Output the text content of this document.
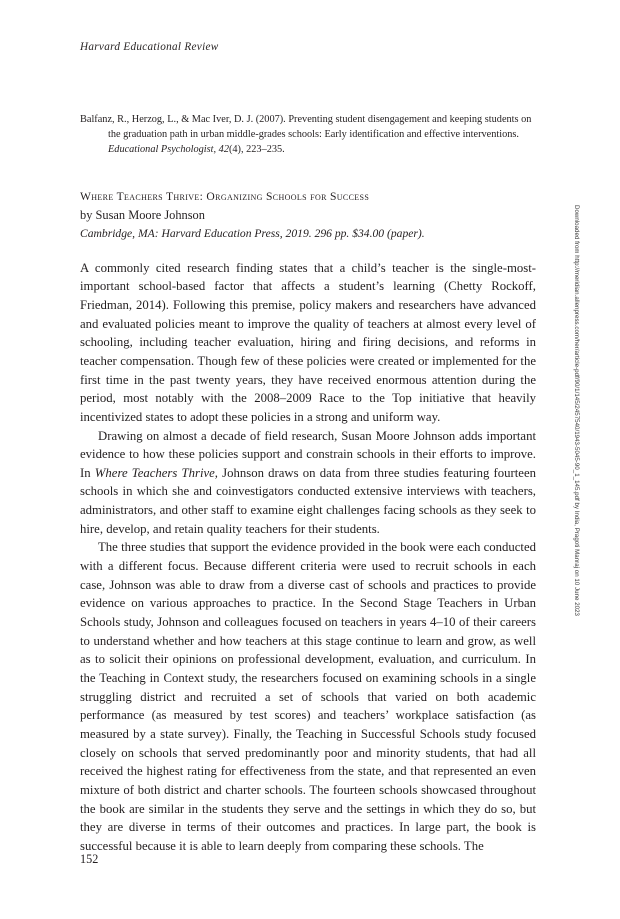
Harvard Educational Review
Balfanz, R., Herzog, L., & Mac Iver, D. J. (2007). Preventing student disengagement and keeping students on the graduation path in urban middle-grades schools: Early identification and effective interventions. Educational Psychologist, 42(4), 223–235.
Where Teachers Thrive: Organizing Schools for Success
by Susan Moore Johnson
Cambridge, MA: Harvard Education Press, 2019. 296 pp. $34.00 (paper).

A commonly cited research finding states that a child’s teacher is the single-most-important school-based factor that affects a student’s learning (Chetty Rockoff, Friedman, 2014). Following this premise, policy makers and researchers have advanced and evaluated policies meant to improve the quality of teachers at almost every level of schooling, including teacher evaluation, hiring and firing decisions, and reforms in teacher compensation. Though few of these policies were created or implemented for the first time in the past twenty years, they have received enormous attention during the period, most notably with the 2008–2009 Race to the Top initiative that heavily incentivized states to adopt these policies in a strong and uniform way.

Drawing on almost a decade of field research, Susan Moore Johnson adds important evidence to how these policies support and constrain schools in their efforts to improve. In Where Teachers Thrive, Johnson draws on data from three studies featuring fourteen schools in which she and coinvestigators conducted extensive interviews with teachers, administrators, and other staff to examine eight challenges facing schools as they seek to hire, develop, and retain quality teachers for their students.

The three studies that support the evidence provided in the book were each conducted with a different focus. Because different criteria were used to recruit schools in each case, Johnson was able to draw from a diverse cast of schools and practices to provide evidence on various approaches to practice. In the Second Stage Teachers in Urban Schools study, Johnson and colleagues focused on teachers in years 4–10 of their careers to understand whether and how teachers at this stage continue to learn and grow, as well as to solicit their opinions on professional development, evaluation, and curriculum. In the Teaching in Context study, the researchers focused on examining schools in a single struggling district and recruited a set of schools that varied on both academic performance (as measured by test scores) and teachers’ workplace satisfaction (as measured by a state survey). Finally, the Teaching in Successful Schools study focused closely on schools that served predominantly poor and minority students, that had all received the highest rating for effectiveness from the state, and that represented an even mixture of both district and charter schools. The fourteen schools showcased throughout the book are similar in the students they serve and the settings in which they do so, but they are diverse in terms of their outcomes and practices. In large part, the book is successful because it is able to learn deeply from comparing these schools. The

152
Downloaded from http://meridian.allenpress.com/her/article-pdf/90/1/145/2457540/1943-5045-90_1_145.pdf by India, Pragoti Manraj on 10 June 2023
